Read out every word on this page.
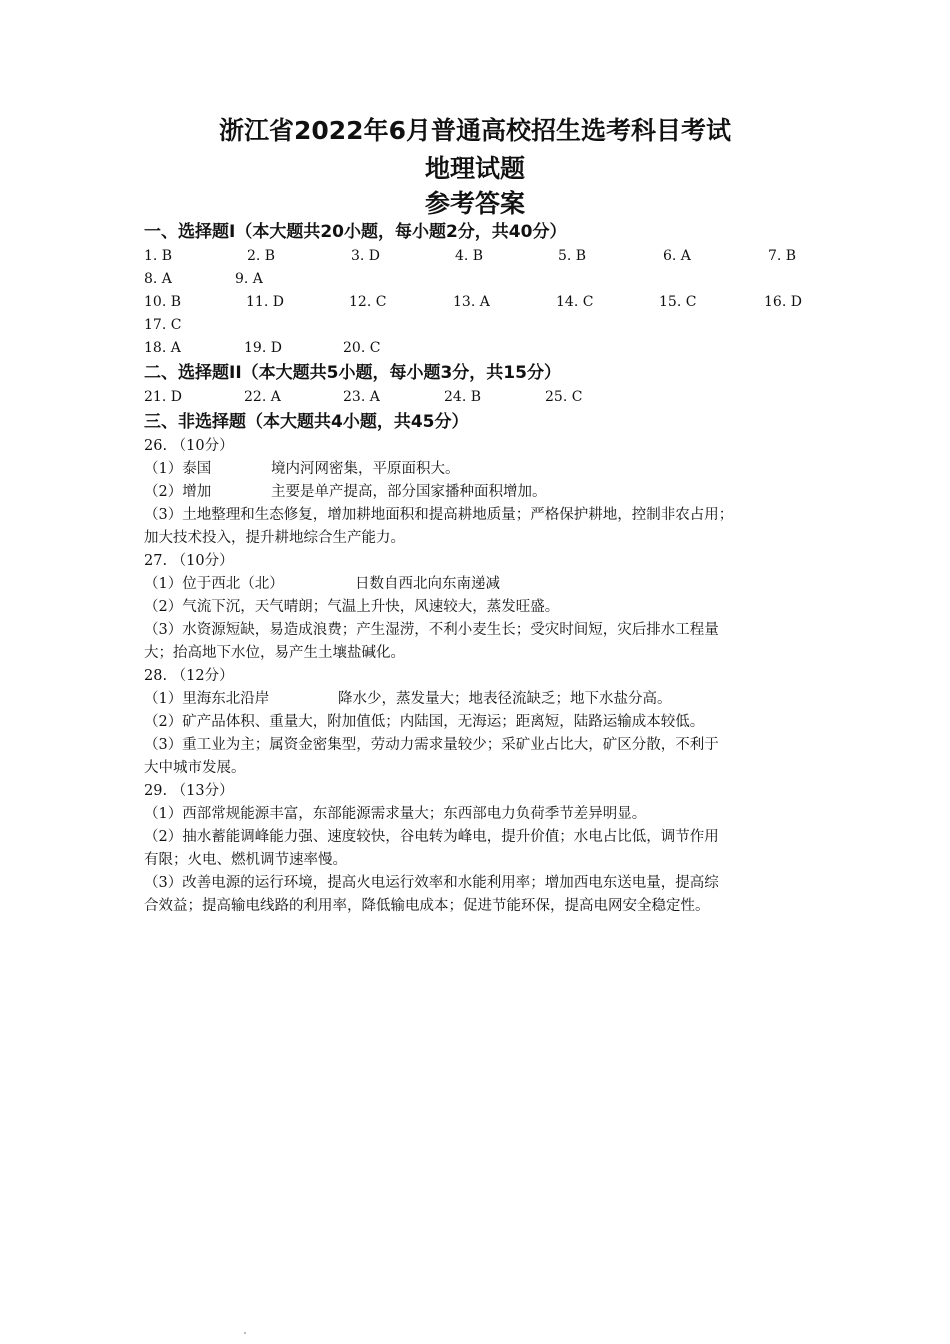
浙江省2022年6月普通高校招生选考科目考试
地理试题
参考答案
一、选择题Ⅰ（本大题共20小题，每小题2分，共40分）
1. B	2. B	3. D	4. B	5. B	6. A	7. B
8. A	9. A
10. B	11. D	12. C	13. A	14. C	15. C	16. D
17. C
18. A	19. D	20. C
二、选择题II（本大题共5小题，每小题3分，共15分）
21. D	22. A	23. A	24. B	25. C
三、非选择题（本大题共4小题，共45分）
26. （10分）
（1）泰国	境内河网密集，平原面积大。
（2）增加	主要是单产提高，部分国家播种面积增加。
（3）土地整理和生态修复，增加耕地面积和提高耕地质量；严格保护耕地，控制非农占用；
加大技术投入，提升耕地综合生产能力。
27. （10分）
（1）位于西北（北）	日数自西北向东南递减
（2）气流下沉，天气晴朗；气温上升快，风速较大，蒸发旺盛。
（3）水资源短缺，易造成浪费；产生湿涝，不利小麦生长；受灾时间短，灾后排水工程量
大；抬高地下水位，易产生土壤盐碱化。
28. （12分）
（1）里海东北沿岸	降水少，蒸发量大；地表径流缺乏；地下水盐分高。
（2）矿产品体积、重量大，附加值低；内陆国，无海运；距离短，陆路运输成本较低。
（3）重工业为主；属资金密集型，劳动力需求量较少；采矿业占比大，矿区分散，不利于
大中城市发展。
29. （13分）
（1）西部常规能源丰富，东部能源需求量大；东西部电力负荷季节差异明显。
（2）抽水蓄能调峰能力强、速度较快，谷电转为峰电，提升价值；水电占比低，调节作用
有限；火电、燃机调节速率慢。
（3）改善电源的运行环境，提高火电运行效率和水能利用率；增加西电东送电量，提高综
合效益；提高输电线路的利用率，降低输电成本；促进节能环保，提高电网安全稳定性。
